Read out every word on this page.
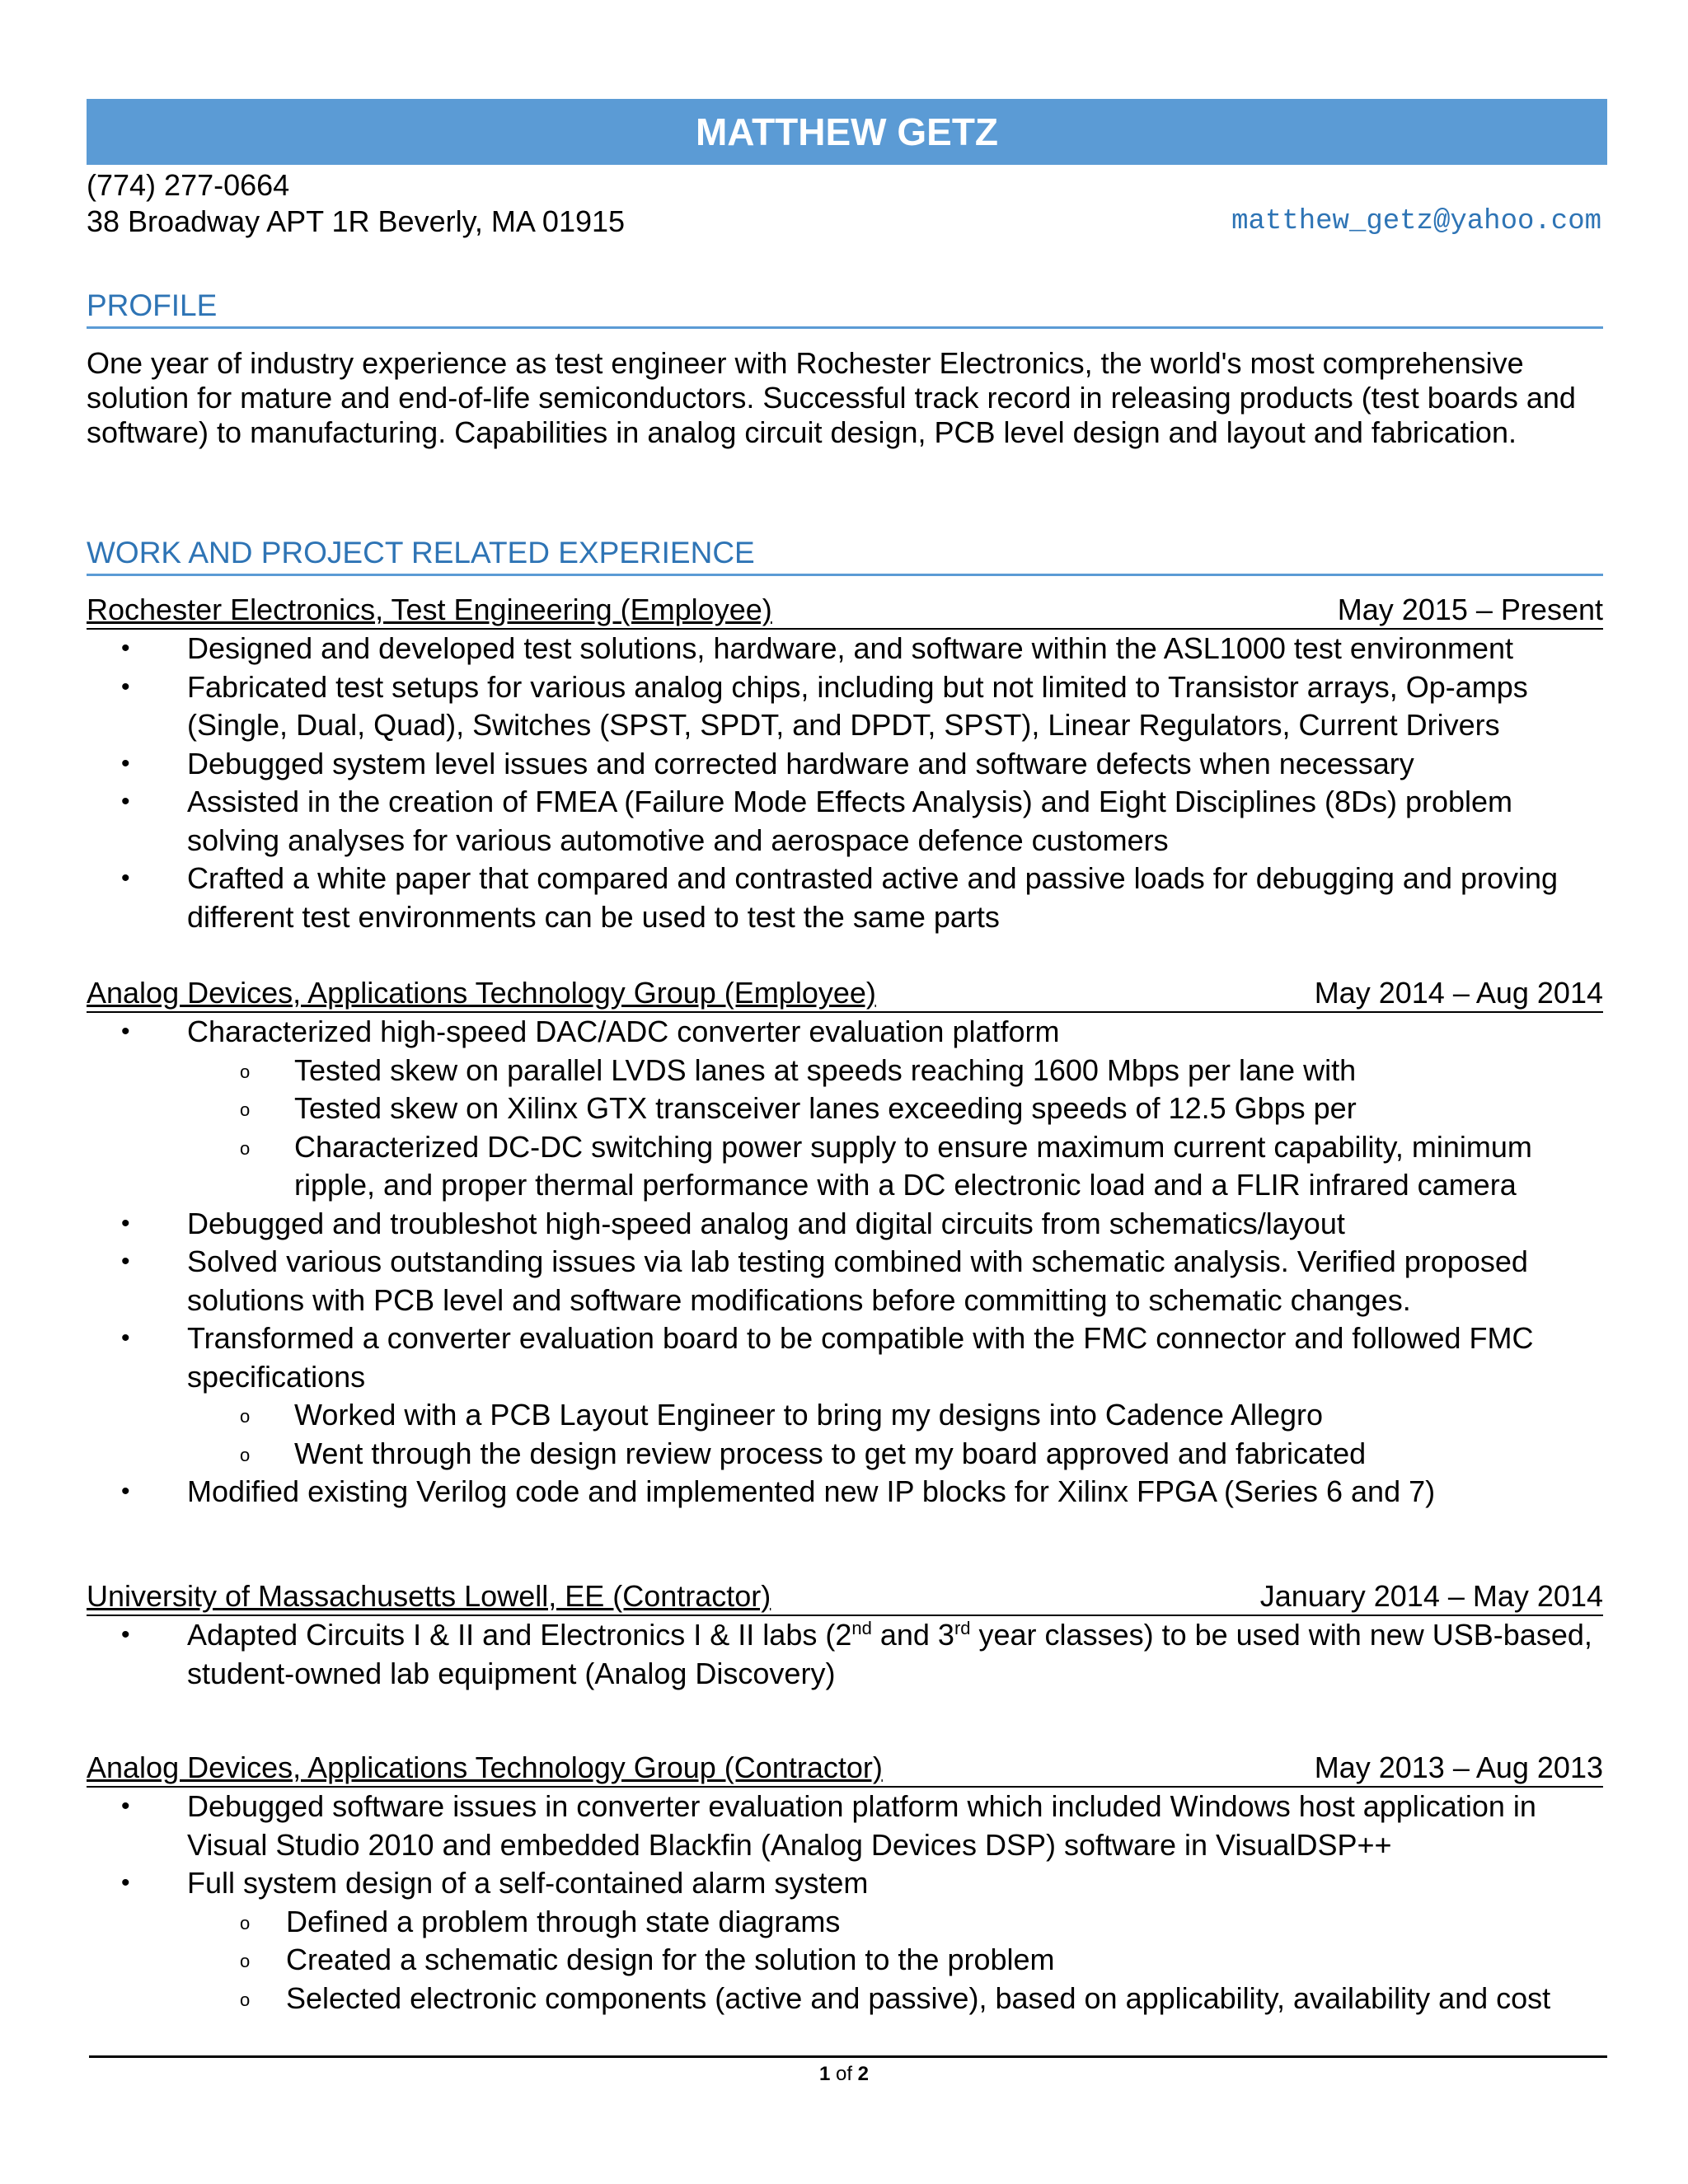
MATTHEW GETZ
(774) 277-0664
38 Broadway APT 1R Beverly, MA 01915	matthew_getz@yahoo.com
PROFILE
One year of industry experience as test engineer with Rochester Electronics, the world's most comprehensive solution for mature and end-of-life semiconductors. Successful track record in releasing products (test boards and software) to manufacturing. Capabilities in analog circuit design, PCB level design and layout and fabrication.
WORK AND PROJECT RELATED EXPERIENCE
Rochester Electronics, Test Engineering (Employee)	May 2015 – Present
• Designed and developed test solutions, hardware, and software within the ASL1000 test environment
• Fabricated test setups for various analog chips, including but not limited to Transistor arrays, Op-amps (Single, Dual, Quad), Switches (SPST, SPDT, and DPDT, SPST), Linear Regulators, Current Drivers
• Debugged system level issues and corrected hardware and software defects when necessary
• Assisted in the creation of FMEA (Failure Mode Effects Analysis) and Eight Disciplines (8Ds) problem solving analyses for various automotive and aerospace defence customers
• Crafted a white paper that compared and contrasted active and passive loads for debugging and proving different test environments can be used to test the same parts
Analog Devices, Applications Technology Group (Employee)	May 2014 – Aug 2014
• Characterized high-speed DAC/ADC converter evaluation platform
o Tested skew on parallel LVDS lanes at speeds reaching 1600 Mbps per lane with
o Tested skew on Xilinx GTX transceiver lanes exceeding speeds of 12.5 Gbps per
o Characterized DC-DC switching power supply to ensure maximum current capability, minimum ripple, and proper thermal performance with a DC electronic load and a FLIR infrared camera
• Debugged and troubleshot high-speed analog and digital circuits from schematics/layout
• Solved various outstanding issues via lab testing combined with schematic analysis. Verified proposed solutions with PCB level and software modifications before committing to schematic changes.
• Transformed a converter evaluation board to be compatible with the FMC connector and followed FMC specifications
o Worked with a PCB Layout Engineer to bring my designs into Cadence Allegro
o Went through the design review process to get my board approved and fabricated
• Modified existing Verilog code and implemented new IP blocks for Xilinx FPGA (Series 6 and 7)
University of Massachusetts Lowell, EE (Contractor)	January 2014 – May 2014
• Adapted Circuits I & II and Electronics I & II labs (2nd and 3rd year classes) to be used with new USB-based, student-owned lab equipment (Analog Discovery)
Analog Devices, Applications Technology Group (Contractor)	May 2013 – Aug 2013
• Debugged software issues in converter evaluation platform which included Windows host application in Visual Studio 2010 and embedded Blackfin (Analog Devices DSP) software in VisualDSP++
• Full system design of a self-contained alarm system
o Defined a problem through state diagrams
o Created a schematic design for the solution to the problem
o Selected electronic components (active and passive), based on applicability, availability and cost
1 of 2
